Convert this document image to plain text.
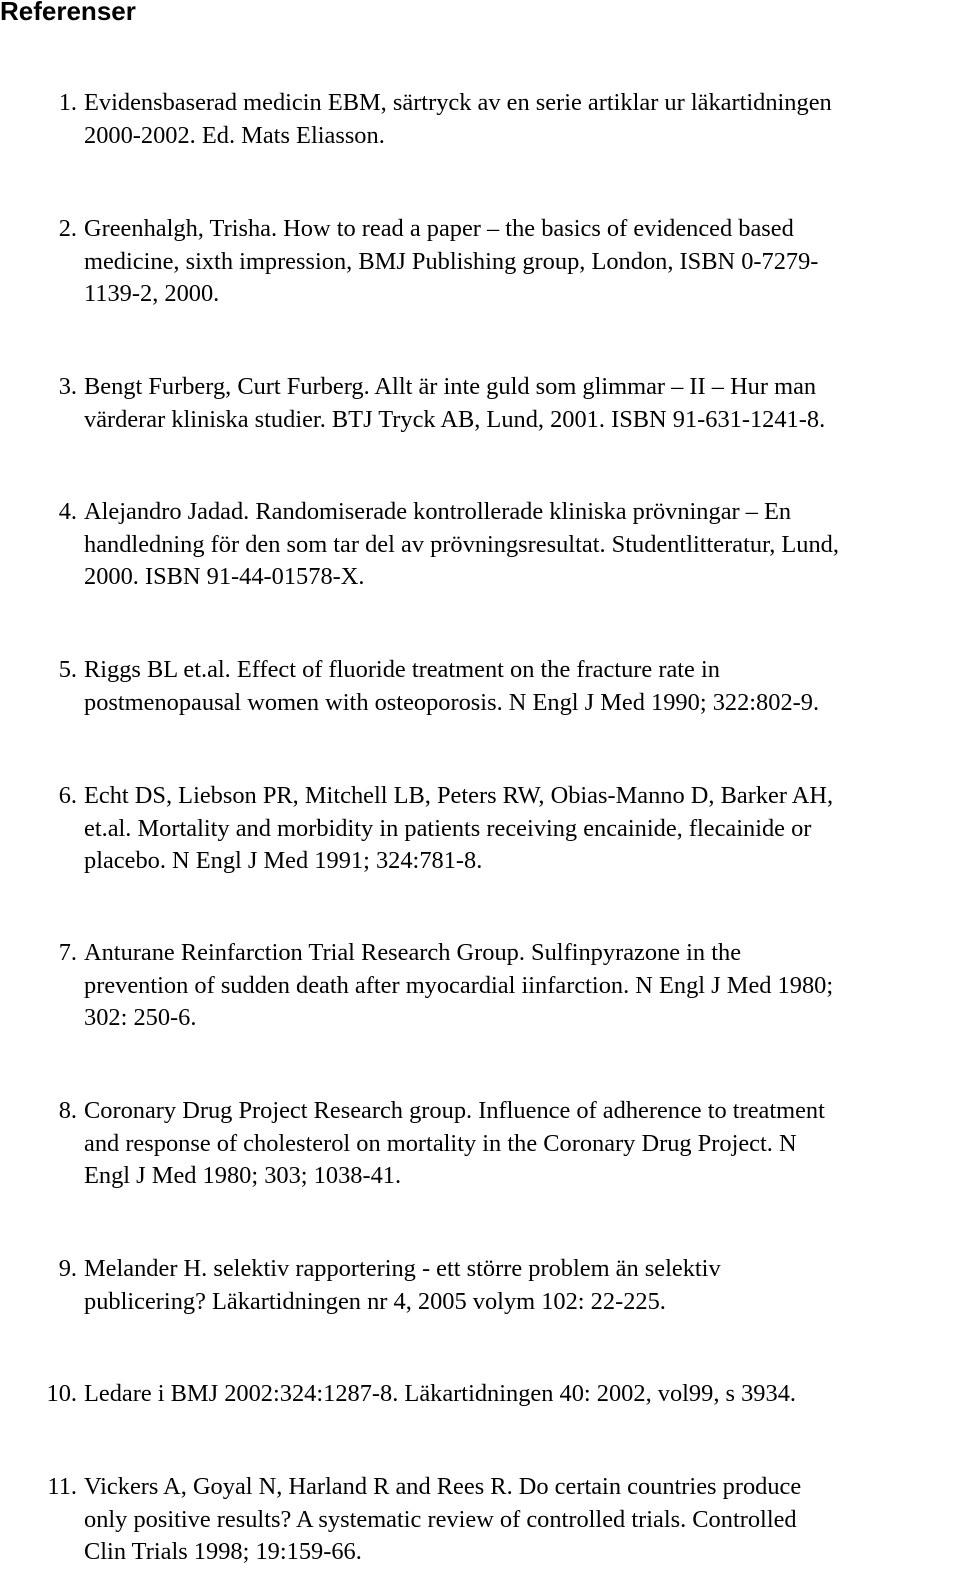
Referenser
1. Evidensbaserad medicin EBM, särtryck av en serie artiklar ur läkartidningen
2000-2002. Ed. Mats Eliasson.
2. Greenhalgh, Trisha. How to read a paper – the basics of evidenced based
medicine, sixth impression, BMJ Publishing group, London, ISBN 0-7279-
1139-2, 2000.
3. Bengt Furberg, Curt Furberg. Allt är inte guld som glimmar – II – Hur man
värderar kliniska studier. BTJ Tryck AB, Lund, 2001. ISBN 91-631-1241-8.
4. Alejandro Jadad. Randomiserade kontrollerade kliniska prövningar – En
handledning för den som tar del av prövningsresultat. Studentlitteratur, Lund,
2000. ISBN 91-44-01578-X.
5. Riggs BL et.al. Effect of fluoride treatment on the fracture rate in
postmenopausal women with osteoporosis. N Engl J Med 1990; 322:802-9.
6. Echt DS, Liebson PR, Mitchell LB, Peters RW, Obias-Manno D, Barker AH,
et.al. Mortality and morbidity in patients receiving encainide, flecainide or
placebo. N Engl J Med 1991; 324:781-8.
7. Anturane Reinfarction Trial Research Group. Sulfinpyrazone in the
prevention of sudden death after myocardial iinfarction. N Engl J Med 1980;
302: 250-6.
8. Coronary Drug Project Research group. Influence of adherence to treatment
and response of cholesterol on mortality in the Coronary Drug Project. N
Engl J Med 1980; 303; 1038-41.
9. Melander H. selektiv rapportering - ett större problem än selektiv
publicering? Läkartidningen nr 4, 2005 volym 102: 22-225.
10. Ledare i BMJ 2002:324:1287-8. Läkartidningen 40: 2002, vol99, s 3934.
11. Vickers A, Goyal N, Harland R and Rees R. Do certain countries produce
only positive results? A systematic review of controlled trials. Controlled
Clin Trials 1998; 19:159-66.
